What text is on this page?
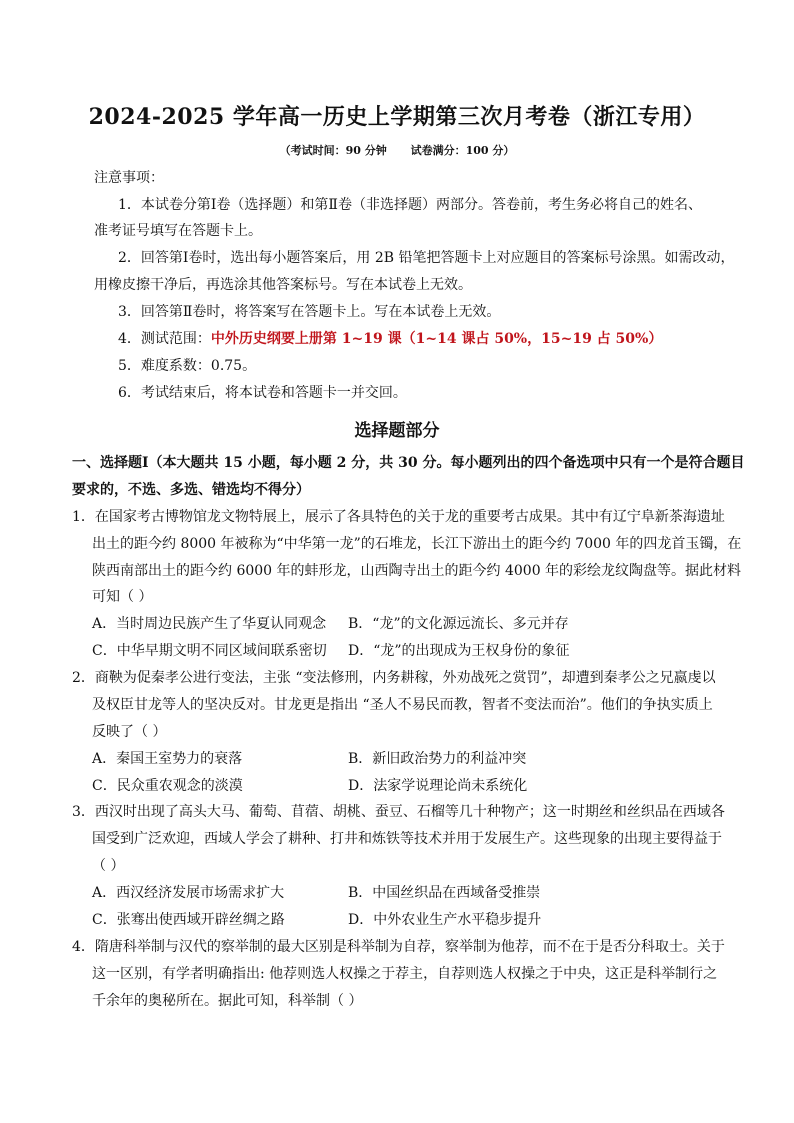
2024-2025 学年高一历史上学期第三次月考卷（浙江专用）
（考试时间：90 分钟 试卷满分：100 分）
注意事项：
1．本试卷分第Ⅰ卷（选择题）和第Ⅱ卷（非选择题）两部分。答卷前，考生务必将自己的姓名、
准考证号填写在答题卡上。
2．回答第Ⅰ卷时，选出每小题答案后，用 2B 铅笔把答题卡上对应题目的答案标号涂黑。如需改动，
用橡皮擦干净后，再选涂其他答案标号。写在本试卷上无效。
3．回答第Ⅱ卷时，将答案写在答题卡上。写在本试卷上无效。
4．测试范围：中外历史纲要上册第 1~19 课（1~14 课占 50%，15~19 占 50%）
5．难度系数：0.75。
6．考试结束后，将本试卷和答题卡一并交回。
选择题部分
一、选择题Ⅰ（本大题共 15 小题，每小题 2 分，共 30 分。每小题列出的四个备选项中只有一个是符合题目
要求的，不选、多选、错选均不得分）
1．在国家考古博物馆龙文物特展上，展示了各具特色的关于龙的重要考古成果。其中有辽宁阜新茶海遗址
出土的距今约 8000 年被称为“中华第一龙”的石堆龙，长江下游出土的距今约 7000 年的四龙首玉镯，在
陕西南部出土的距今约 6000 年的蚌形龙，山西陶寺出土的距今约 4000 年的彩绘龙纹陶盘等。据此材料
可知（ ）
A．当时周边民族产生了华夏认同观念 B．“龙”的文化源远流长、多元并存
C．中华早期文明不同区域间联系密切 D．“龙”的出现成为王权身份的象征
2．商鞅为促秦孝公进行变法，主张 “变法修刑，内务耕稼，外劝战死之赏罚”，却遭到秦孝公之兄嬴虔以
及权臣甘龙等人的坚决反对。甘龙更是指出 “圣人不易民而教，智者不变法而治”。他们的争执实质上
反映了（ ）
A．秦国王室势力的衰落	B．新旧政治势力的利益冲突
C．民众重农观念的淡漠	D．法家学说理论尚未系统化
3．西汉时出现了高头大马、葡萄、苜蓿、胡桃、蚕豆、石榴等几十种物产；这一时期丝和丝织品在西域各
国受到广泛欢迎，西域人学会了耕种、打井和炼铁等技术并用于发展生产。这些现象的出现主要得益于
（ ）
A．西汉经济发展市场需求扩大	B．中国丝织品在西域备受推崇
C．张骞出使西域开辟丝绸之路	D．中外农业生产水平稳步提升
4．隋唐科举制与汉代的察举制的最大区别是科举制为自荐，察举制为他荐，而不在于是否分科取士。关于
这一区别，有学者明确指出: 他荐则选人权操之于荐主，自荐则选人权操之于中央，这正是科举制行之
千余年的奥秘所在。据此可知，科举制（ ）
